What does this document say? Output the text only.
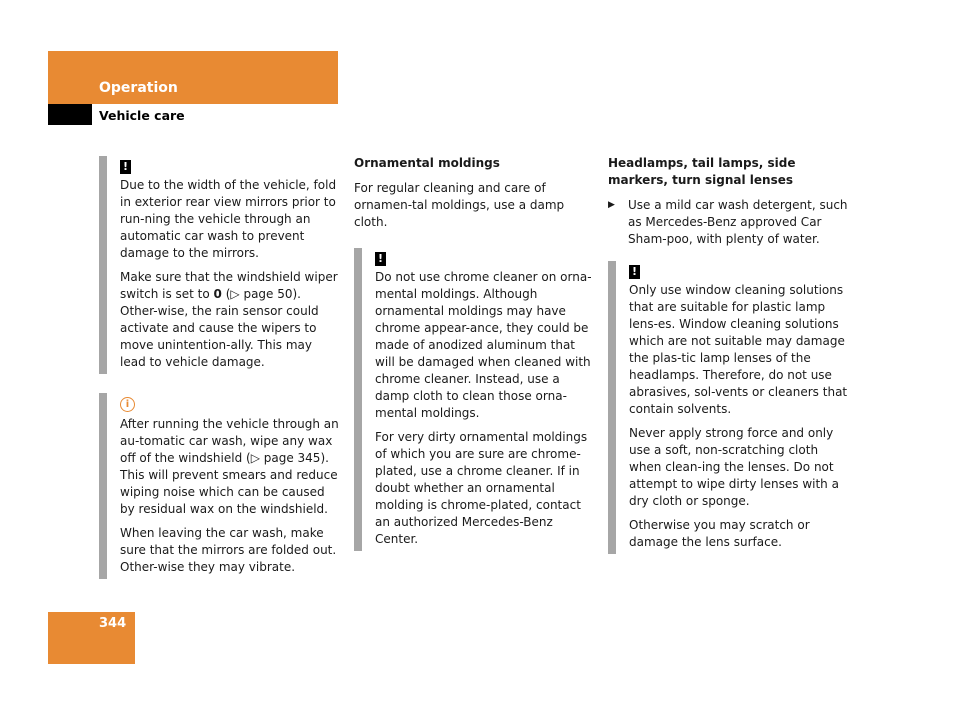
Operation
Vehicle care
!

Due to the width of the vehicle, fold in exterior rear view mirrors prior to run-ning the vehicle through an automatic car wash to prevent damage to the mirrors.

Make sure that the windshield wiper switch is set to 0 (▷ page 50). Other-wise, the rain sensor could activate and cause the wipers to move unintention-ally. This may lead to vehicle damage.

i

After running the vehicle through an au-tomatic car wash, wipe any wax off of the windshield (▷ page 345). This will prevent smears and reduce wiping noise which can be caused by residual wax on the windshield.

When leaving the car wash, make sure that the mirrors are folded out. Other-wise they may vibrate.

Ornamental moldings

For regular cleaning and care of ornamen-tal moldings, use a damp cloth.

!

Do not use chrome cleaner on orna-mental moldings. Although ornamental moldings may have chrome appear-ance, they could be made of anodized aluminum that will be damaged when cleaned with chrome cleaner. Instead, use a damp cloth to clean those orna-mental moldings.

For very dirty ornamental moldings of which you are sure are chrome-plated, use a chrome cleaner. If in doubt whether an ornamental molding is chrome-plated, contact an authorized Mercedes-Benz Center.

Headlamps, tail lamps, side markers, turn signal lenses

▶ Use a mild car wash detergent, such as Mercedes-Benz approved Car Sham-poo, with plenty of water.
!

Only use window cleaning solutions that are suitable for plastic lamp lens-es. Window cleaning solutions which are not suitable may damage the plas-tic lamp lenses of the headlamps. Therefore, do not use abrasives, sol-vents or cleaners that contain solvents.

Never apply strong force and only use a soft, non-scratching cloth when clean-ing the lenses. Do not attempt to wipe dirty lenses with a dry cloth or sponge.

Otherwise you may scratch or damage the lens surface.

344
